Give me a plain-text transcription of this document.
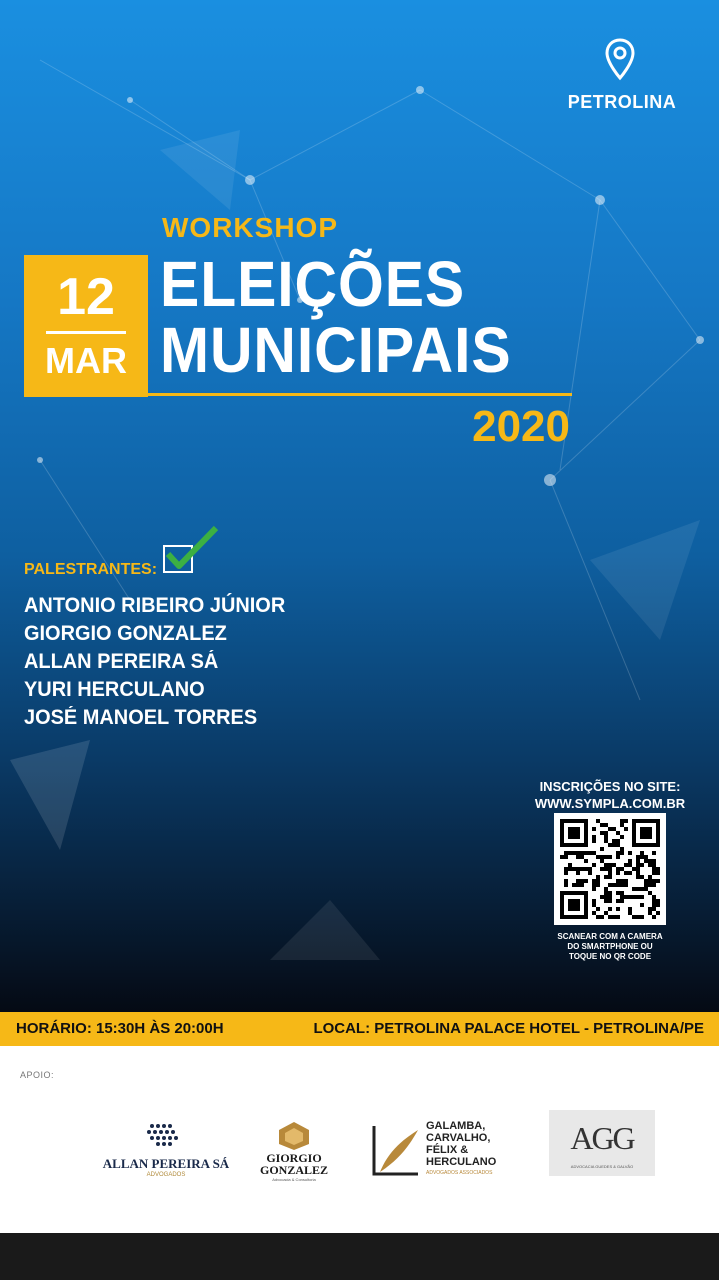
PETROLINA
WORKSHOP
12
MAR
ELEIÇÕES
MUNICIPAIS
2020
PALESTRANTES:
ANTONIO RIBEIRO JÚNIOR
GIORGIO GONZALEZ
ALLAN PEREIRA SÁ
YURI HERCULANO
JOSÉ MANOEL TORRES
INSCRIÇÕES NO SITE:
WWW.SYMPLA.COM.BR
SCANEAR COM A CAMERA
DO SMARTPHONE OU
TOQUE NO QR CODE
HORÁRIO: 15:30H ÀS 20:00H	LOCAL: PETROLINA PALACE HOTEL - PETROLINA/PE
APOIO:
ALLAN PEREIRA SÁ
ADVOGADOS
GIORGIO
GONZALEZ
Advocacia & Consultoria
GALAMBA,
CARVALHO,
FÉLIX &
HERCULANO
ADVOGADOS ASSOCIADOS
AGG
ADVOCACIA GUEDES & GALVÃO
